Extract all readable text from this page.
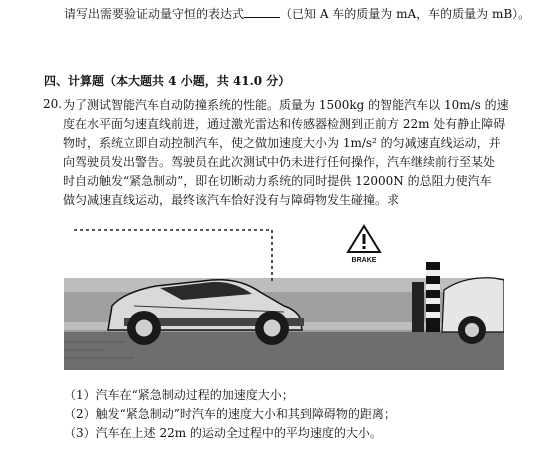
请写出需要验证动量守恒的表达式	（已知 A 车的质量为 mA，车的质量为 mB）。
四、计算题（本大题共 4 小题，共 41.0 分）
20. 为了测试智能汽车自动防撞系统的性能。质量为 1500kg 的智能汽车以 10m/s 的速
度在水平面匀速直线前进，通过激光雷达和传感器检测到正前方 22m 处有静止障碍
物时，系统立即自动控制汽车，使之做加速度大小为 1m/s² 的匀减速直线运动，并
向驾驶员发出警告。驾驶员在此次测试中仍未进行任何操作，汽车继续前行至某处
时自动触发“紧急制动”，即在切断动力系统的同时提供 12000N 的总阻力使汽车
做匀减速直线运动，最终该汽车恰好没有与障碍物发生碰撞。求
BRAKE
（1）汽车在“紧急制动过程的加速度大小；
（2）触发“紧急制动”时汽车的速度大小和其到障碍物的距离；
（3）汽车在上述 22m 的运动全过程中的平均速度的大小。
